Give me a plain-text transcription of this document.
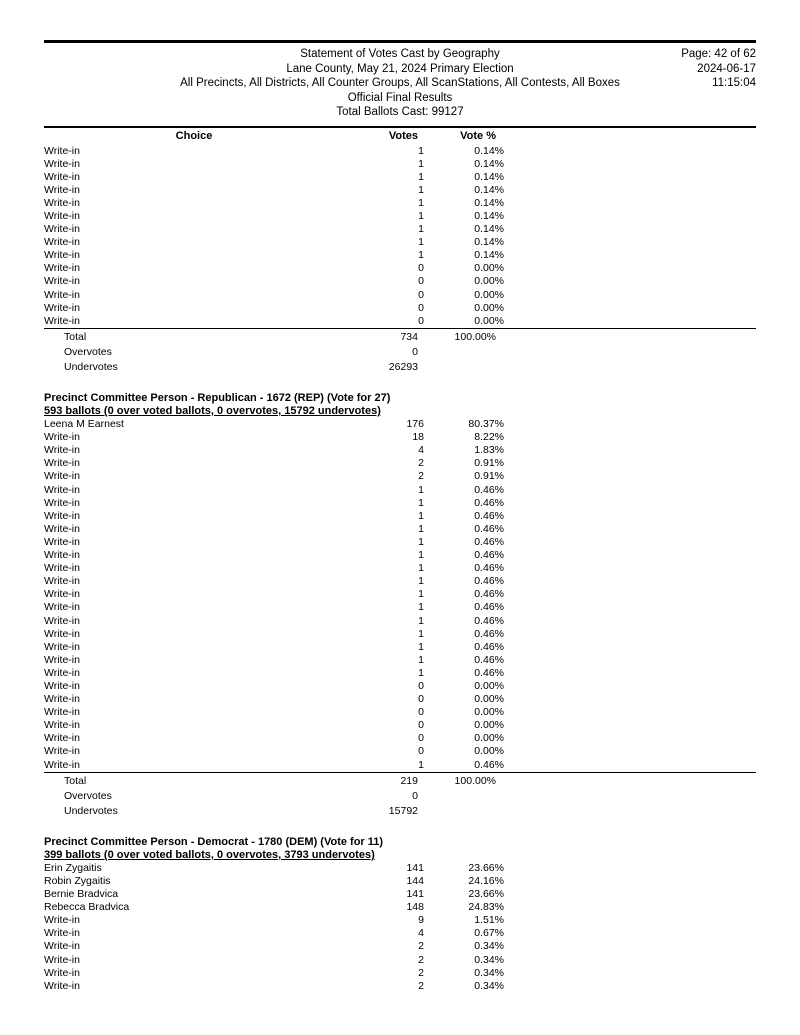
Statement of Votes Cast by Geography
Lane County, May 21, 2024 Primary Election
All Precincts, All Districts, All Counter Groups, All ScanStations, All Contests, All Boxes
Official Final Results
Total Ballots Cast: 99127
Page: 42 of 62
2024-06-17
11:15:04
Choice	Votes	Vote %	
Write-in	1	0.14%	
Write-in	1	0.14%	
Write-in	1	0.14%	
Write-in	1	0.14%	
Write-in	1	0.14%	
Write-in	1	0.14%	
Write-in	1	0.14%	
Write-in	1	0.14%	
Write-in	1	0.14%	
Write-in	0	0.00%	
Write-in	0	0.00%	
Write-in	0	0.00%	
Write-in	0	0.00%	
Write-in	0	0.00%	
Total	734	100.00%	
Overvotes	0		
Undervotes	26293		
Precinct Committee Person - Republican - 1672 (REP) (Vote for 27)
593 ballots (0 over voted ballots, 0 overvotes, 15792 undervotes)
Leena M Earnest	176	80.37%	
Write-in	18	8.22%	
Write-in	4	1.83%	
Write-in	2	0.91%	
Write-in	2	0.91%	
Write-in	1	0.46%	
Write-in	1	0.46%	
Write-in	1	0.46%	
Write-in	1	0.46%	
Write-in	1	0.46%	
Write-in	1	0.46%	
Write-in	1	0.46%	
Write-in	1	0.46%	
Write-in	1	0.46%	
Write-in	1	0.46%	
Write-in	1	0.46%	
Write-in	1	0.46%	
Write-in	1	0.46%	
Write-in	1	0.46%	
Write-in	1	0.46%	
Write-in	0	0.00%	
Write-in	0	0.00%	
Write-in	0	0.00%	
Write-in	0	0.00%	
Write-in	0	0.00%	
Write-in	0	0.00%	
Write-in	1	0.46%	
Total	219	100.00%	
Overvotes	0		
Undervotes	15792		
Precinct Committee Person - Democrat - 1780 (DEM) (Vote for 11)
399 ballots (0 over voted ballots, 0 overvotes, 3793 undervotes)
Erin Zygaitis	141	23.66%	
Robin Zygaitis	144	24.16%	
Bernie Bradvica	141	23.66%	
Rebecca Bradvica	148	24.83%	
Write-in	9	1.51%	
Write-in	4	0.67%	
Write-in	2	0.34%	
Write-in	2	0.34%	
Write-in	2	0.34%	
Write-in	2	0.34%	
